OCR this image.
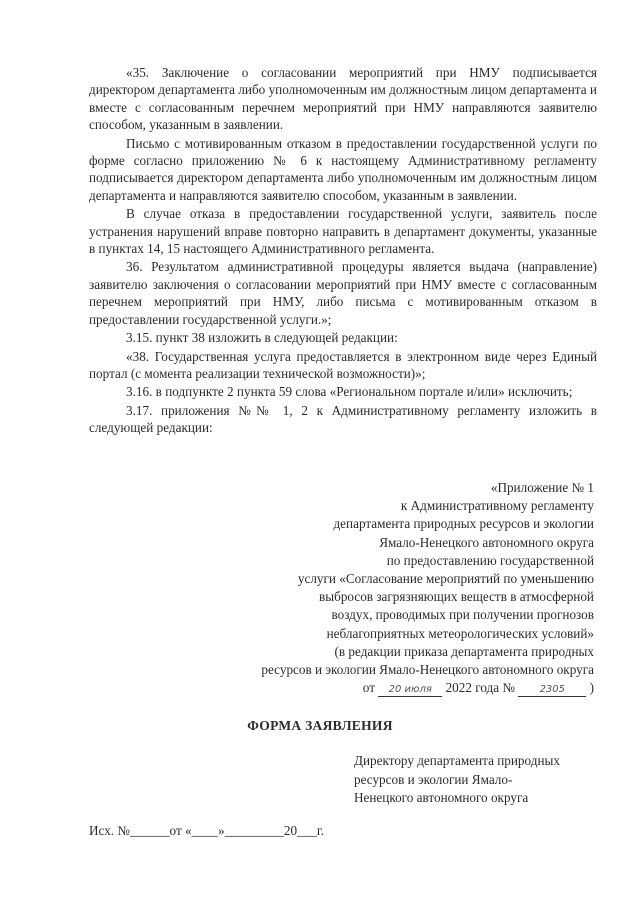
«35. Заключение о согласовании мероприятий при НМУ подписывается директором департамента либо уполномоченным им должностным лицом департамента и вместе с согласованным перечнем мероприятий при НМУ направляются заявителю способом, указанным в заявлении.

Письмо с мотивированным отказом в предоставлении государственной услуги по форме согласно приложению № 6 к настоящему Административному регламенту подписывается директором департамента либо уполномоченным им должностным лицом департамента и направляются заявителю способом, указанным в заявлении.

В случае отказа в предоставлении государственной услуги, заявитель после устранения нарушений вправе повторно направить в департамент документы, указанные в пунктах 14, 15 настоящего Административного регламента.

36. Результатом административной процедуры является выдача (направление) заявителю заключения о согласовании мероприятий при НМУ вместе с согласованным перечнем мероприятий при НМУ, либо письма с мотивированным отказом в предоставлении государственной услуги.»;

3.15. пункт 38 изложить в следующей редакции:

«38. Государственная услуга предоставляется в электронном виде через Единый портал (с момента реализации технической возможности)»;

3.16. в подпункте 2 пункта 59 слова «Региональном портале и/или» исключить;

3.17. приложения №№ 1, 2 к Административному регламенту изложить в следующей редакции:

«Приложение № 1
к Административному регламенту
департамента природных ресурсов и экологии
Ямало-Ненецкого автономного округа
по предоставлению государственной
услуги «Согласование мероприятий по уменьшению
выбросов загрязняющих веществ в атмосферной
воздух, проводимых при получении прогнозов
неблагоприятных метеорологических условий»
(в редакции приказа департамента природных
ресурсов и экологии Ямало-Ненецкого автономного округа
от 20 июля 2022 года № 2305 )
ФОРМА ЗАЯВЛЕНИЯ
Директору департамента природных
ресурсов и экологии Ямало-
Ненецкого автономного округа
Исх. №______от «____»_________20___г.
